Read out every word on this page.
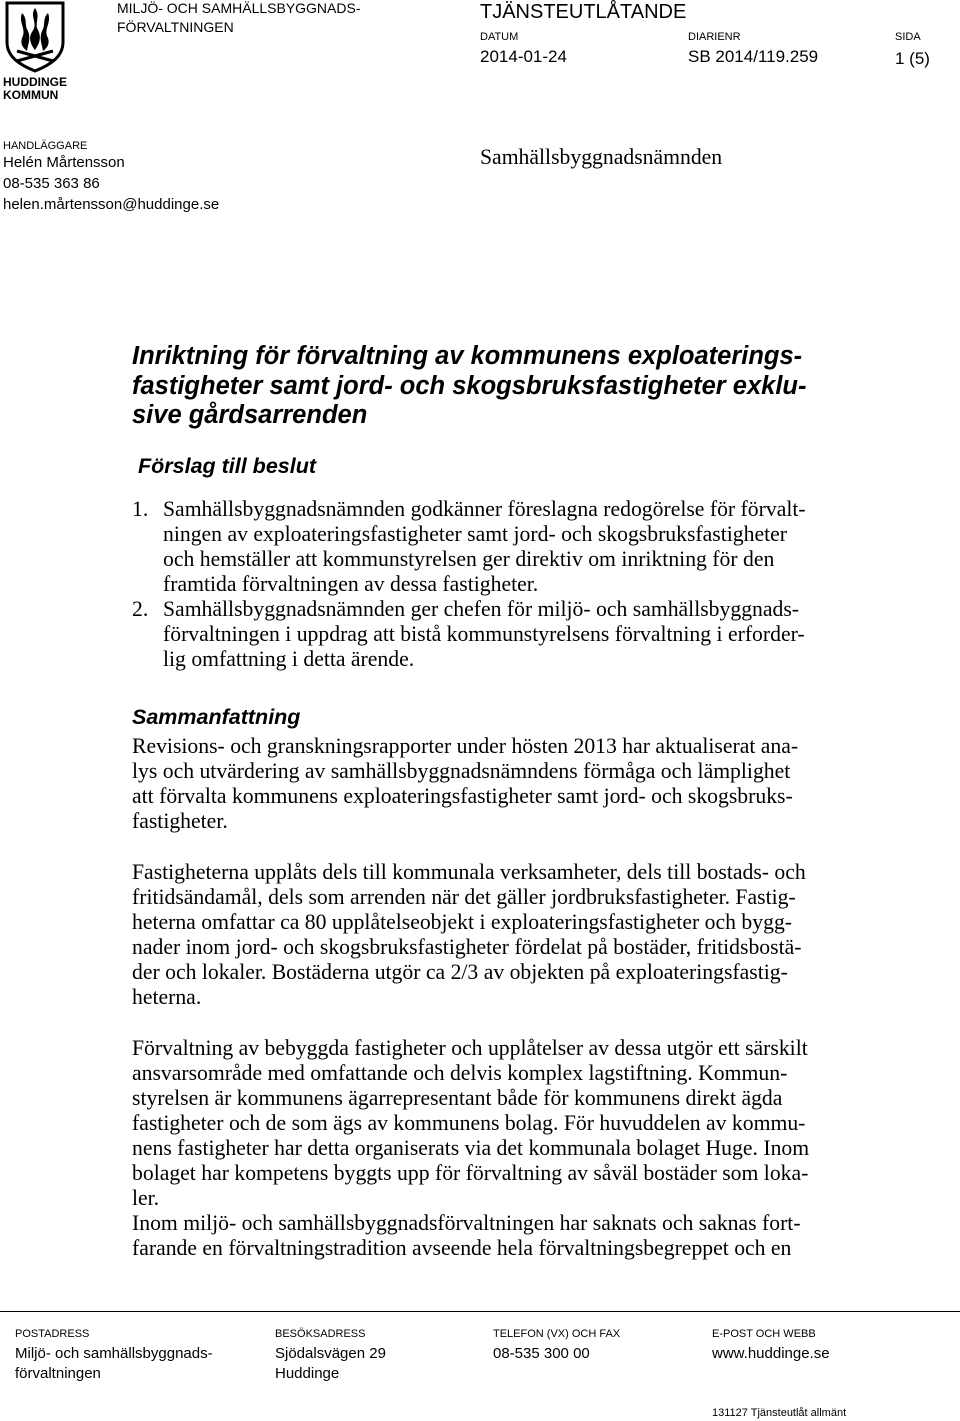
HUDDINGE
KOMMUN
MILJÖ- OCH SAMHÄLLSBYGGNADS-
FÖRVALTNINGEN
TJÄNSTEUTLÅTANDE
DATUM	DIARIENR	SIDA
2014-01-24	SB 2014/119.259	1 (5)
HANDLÄGGARE
Helén Mårtensson
08-535 363 86
helen.mårtensson@huddinge.se
Samhällsbyggnadsnämnden
Inriktning för förvaltning av kommunens exploaterings-
fastigheter samt jord- och skogsbruksfastigheter exklu-
sive gårdsarrenden
Förslag till beslut
1. Samhällsbyggnadsnämnden godkänner föreslagna redogörelse för förvalt-
ningen av exploateringsfastigheter samt jord- och skogsbruksfastigheter
och hemställer att kommunstyrelsen ger direktiv om inriktning för den
framtida förvaltningen av dessa fastigheter.
2. Samhällsbyggnadsnämnden ger chefen för miljö- och samhällsbyggnads-
förvaltningen i uppdrag att bistå kommunstyrelsens förvaltning i erforder-
lig omfattning i detta ärende.
Sammanfattning
Revisions- och granskningsrapporter under hösten 2013 har aktualiserat ana-
lys och utvärdering av samhällsbyggnadsnämndens förmåga och lämplighet
att förvalta kommunens exploateringsfastigheter samt jord- och skogsbruks-
fastigheter.
Fastigheterna upplåts dels till kommunala verksamheter, dels till bostads- och
fritidsändamål, dels som arrenden när det gäller jordbruksfastigheter. Fastig-
heterna omfattar ca 80 upplåtelseobjekt i exploateringsfastigheter och bygg-
nader inom jord- och skogsbruksfastigheter fördelat på bostäder, fritidsbostä-
der och lokaler. Bostäderna utgör ca 2/3 av objekten på exploateringsfastig-
heterna.
Förvaltning av bebyggda fastigheter och upplåtelser av dessa utgör ett särskilt
ansvarsområde med omfattande och delvis komplex lagstiftning. Kommun-
styrelsen är kommunens ägarrepresentant både för kommunens direkt ägda
fastigheter och de som ägs av kommunens bolag. För huvuddelen av kommu-
nens fastigheter har detta organiserats via det kommunala bolaget Huge. Inom
bolaget har kompetens byggts upp för förvaltning av såväl bostäder som loka-
ler.
Inom miljö- och samhällsbyggnadsförvaltningen har saknats och saknas fort-
farande en förvaltningstradition avseende hela förvaltningsbegreppet och en
POSTADRESS
Miljö- och samhällsbyggnads-
förvaltningen
BESÖKSADRESS
Sjödalsvägen 29
Huddinge
TELEFON (VX) OCH FAX
08-535 300 00
E-POST OCH WEBB
www.huddinge.se
131127 Tjänsteutlåt allmänt
